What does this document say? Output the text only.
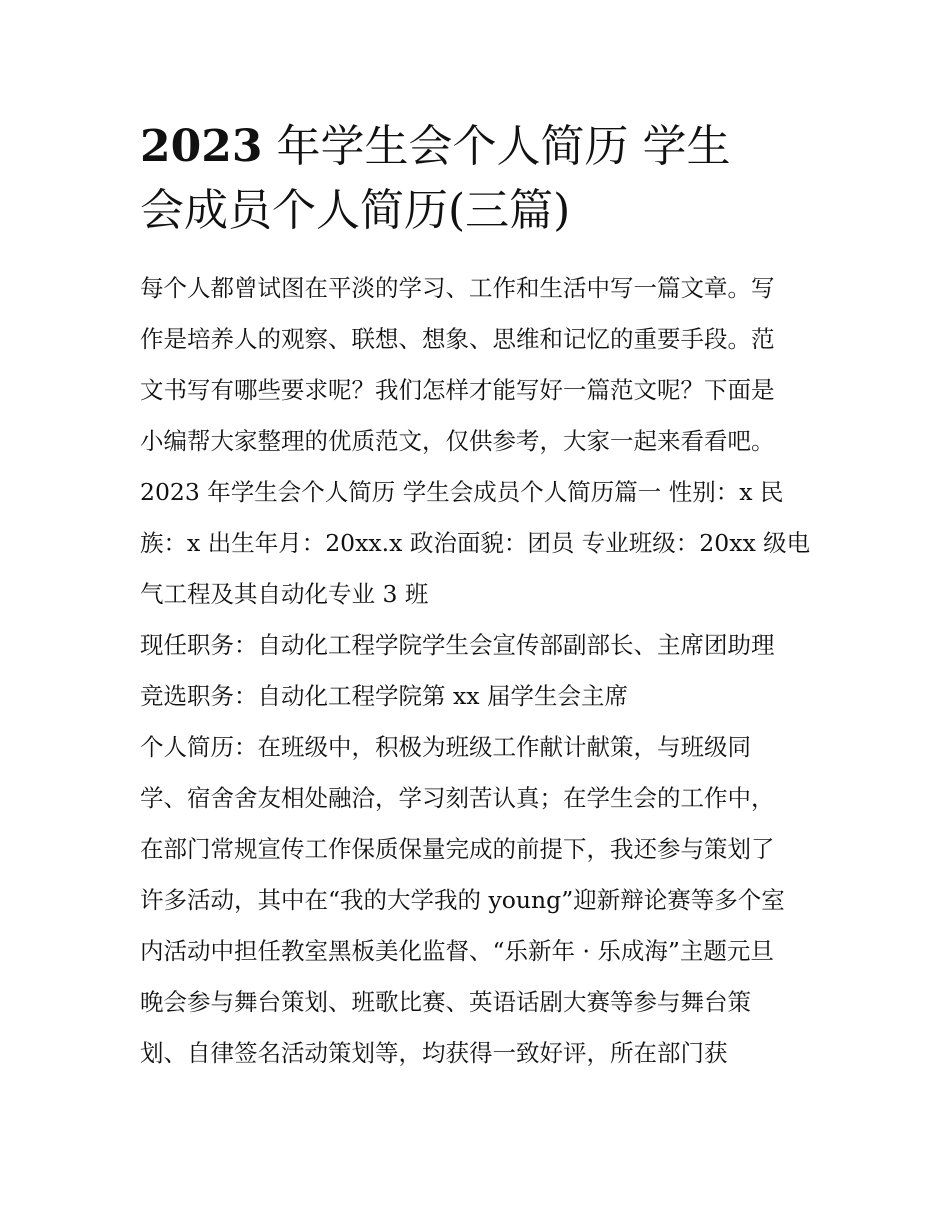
2023 年学生会个人简历 学生
会成员个人简历(三篇)
每个人都曾试图在平淡的学习、工作和生活中写一篇文章。写
作是培养人的观察、联想、想象、思维和记忆的重要手段。范
文书写有哪些要求呢？我们怎样才能写好一篇范文呢？下面是
小编帮大家整理的优质范文，仅供参考，大家一起来看看吧。
2023 年学生会个人简历 学生会成员个人简历篇一 性别：x 民
族：x 出生年月：20xx.x 政治面貌：团员 专业班级：20xx 级电
气工程及其自动化专业 3 班
现任职务：自动化工程学院学生会宣传部副部长、主席团助理
竞选职务：自动化工程学院第 xx 届学生会主席
个人简历：在班级中，积极为班级工作献计献策，与班级同
学、宿舍舍友相处融洽，学习刻苦认真；在学生会的工作中，
在部门常规宣传工作保质保量完成的前提下，我还参与策划了
许多活动，其中在“我的大学我的 young”迎新辩论赛等多个室
内活动中担任教室黑板美化监督、“乐新年 · 乐成海”主题元旦
晚会参与舞台策划、班歌比赛、英语话剧大赛等参与舞台策
划、自律签名活动策划等，均获得一致好评，所在部门获
